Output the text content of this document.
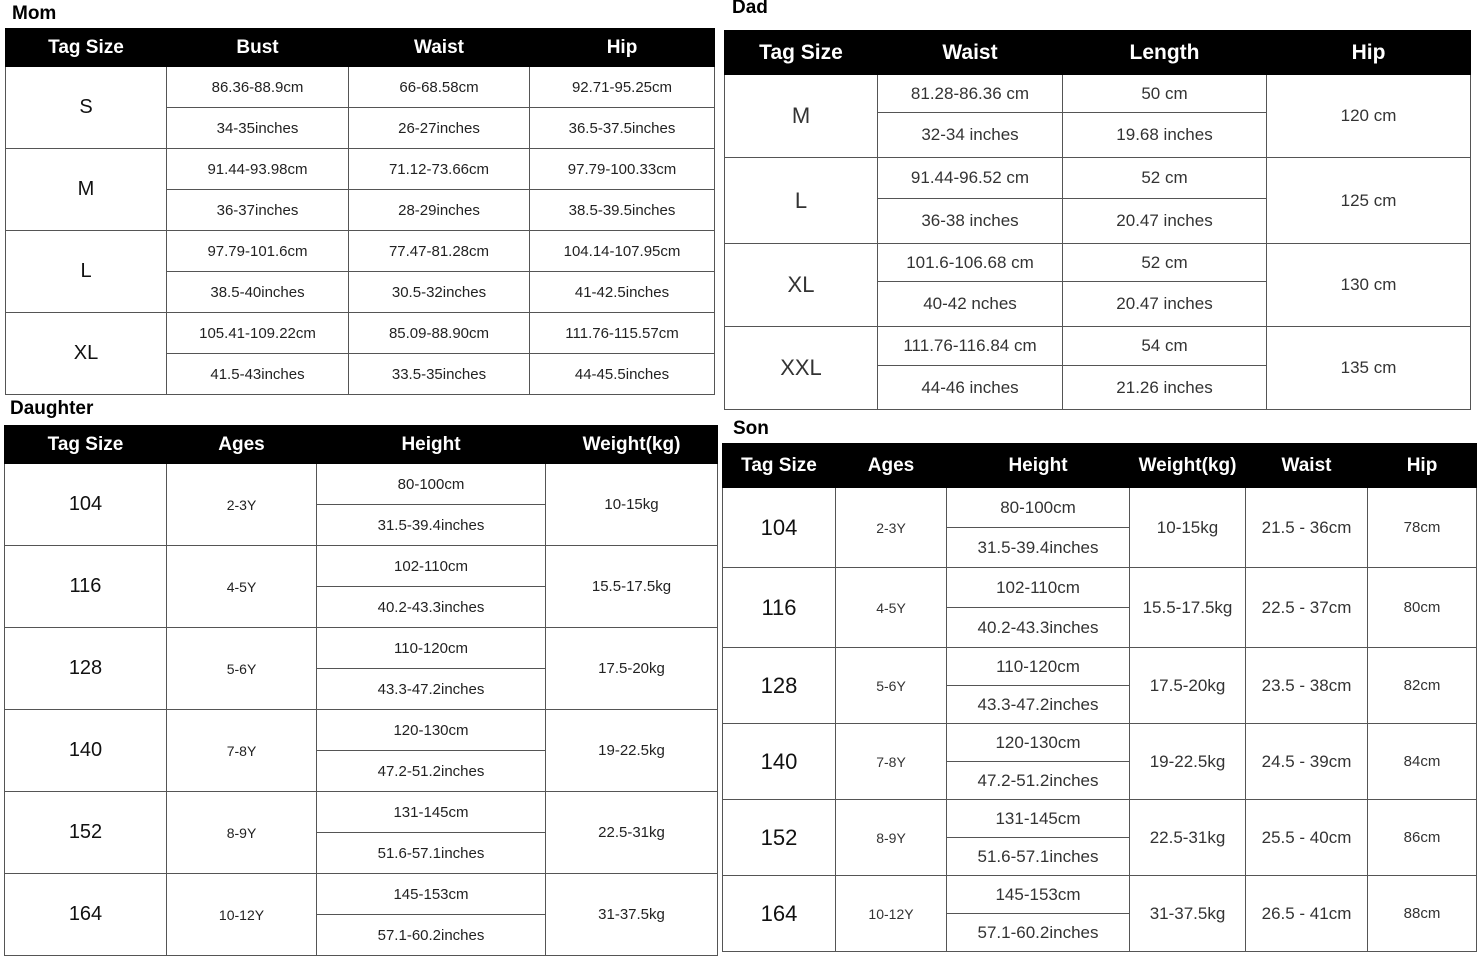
Mom
Tag Size	Bust	Waist	Hip
S	86.36-88.9cm	66-68.58cm	92.71-95.25cm
	34-35inches	26-27inches	36.5-37.5inches
M	91.44-93.98cm	71.12-73.66cm	97.79-100.33cm
	36-37inches	28-29inches	38.5-39.5inches
L	97.79-101.6cm	77.47-81.28cm	104.14-107.95cm
	38.5-40inches	30.5-32inches	41-42.5inches
XL	105.41-109.22cm	85.09-88.90cm	111.76-115.57cm
	41.5-43inches	33.5-35inches	44-45.5inches
Dad
Tag Size	Waist	Length	Hip
M	81.28-86.36 cm	50 cm	120 cm
	32-34 inches	19.68 inches	
L	91.44-96.52 cm	52 cm	125 cm
	36-38 inches	20.47 inches	
XL	101.6-106.68 cm	52 cm	130 cm
	40-42 nches	20.47 inches	
XXL	111.76-116.84 cm	54 cm	135 cm
	44-46 inches	21.26 inches	
Daughter
Tag Size	Ages	Height	Weight(kg)
104	2-3Y	80-100cm	10-15kg
		31.5-39.4inches	
116	4-5Y	102-110cm	15.5-17.5kg
		40.2-43.3inches	
128	5-6Y	110-120cm	17.5-20kg
		43.3-47.2inches	
140	7-8Y	120-130cm	19-22.5kg
		47.2-51.2inches	
152	8-9Y	131-145cm	22.5-31kg
		51.6-57.1inches	
164	10-12Y	145-153cm	31-37.5kg
		57.1-60.2inches	
Son
Tag Size	Ages	Height	Weight(kg)	Waist	Hip
104	2-3Y	80-100cm	10-15kg	21.5 - 36cm	78cm
		31.5-39.4inches			
116	4-5Y	102-110cm	15.5-17.5kg	22.5 - 37cm	80cm
		40.2-43.3inches			
128	5-6Y	110-120cm	17.5-20kg	23.5 - 38cm	82cm
		43.3-47.2inches			
140	7-8Y	120-130cm	19-22.5kg	24.5 - 39cm	84cm
		47.2-51.2inches			
152	8-9Y	131-145cm	22.5-31kg	25.5 - 40cm	86cm
		51.6-57.1inches			
164	10-12Y	145-153cm	31-37.5kg	26.5 - 41cm	88cm
		57.1-60.2inches			
